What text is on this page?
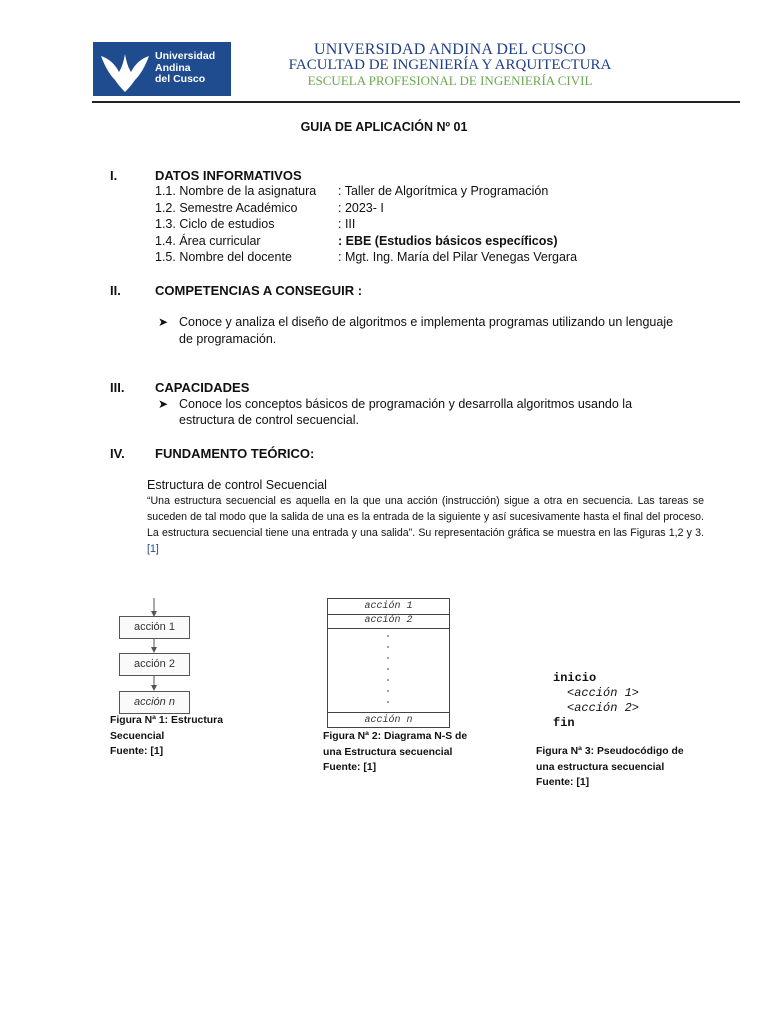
Universidad
Andina
del Cusco
UNIVERSIDAD ANDINA DEL CUSCO
FACULTAD DE INGENIERÍA Y ARQUITECTURA
ESCUELA PROFESIONAL DE INGENIERÍA CIVIL
GUIA DE APLICACIÓN Nº 01
I.	DATOS INFORMATIVOS
1.1. Nombre de la asignatura : Taller de Algorítmica y Programación
1.2. Semestre Académico	: 2023- I
1.3. Ciclo de estudios	: III
1.4. Área curricular	: EBE (Estudios básicos específicos)
1.5. Nombre del docente	: Mgt. Ing. María del Pilar Venegas Vergara
II.	COMPETENCIAS A CONSEGUIR :
➤ Conoce y analiza el diseño de algoritmos e implementa programas utilizando un lenguaje
de programación.
III. CAPACIDADES
➤ Conoce los conceptos básicos de programación y desarrolla algoritmos usando la
estructura de control secuencial.
IV. FUNDAMENTO TEÓRICO:
Estructura de control Secuencial
“Una estructura secuencial es aquella en la que una acción (instrucción) sigue a otra en secuencia. Las tareas se suceden de tal modo que la salida de una es la entrada de la siguiente y así sucesivamente hasta el final del proceso. La estructura secuencial tiene una entrada y una salida”. Su representación gráfica se muestra en las Figuras 1,2 y 3. [1]
acción 1
acción 2
acción n
Figura Nª 1: Estructura
Secuencial
Fuente: [1]
acción 1
acción 2
acción n
Figura Nª 2: Diagrama N-S de
una Estructura secuencial
Fuente: [1]
inicio
<acción 1>
<acción 2>
fin
Figura Nª 3: Pseudocódigo de
una estructura secuencial
Fuente: [1]
